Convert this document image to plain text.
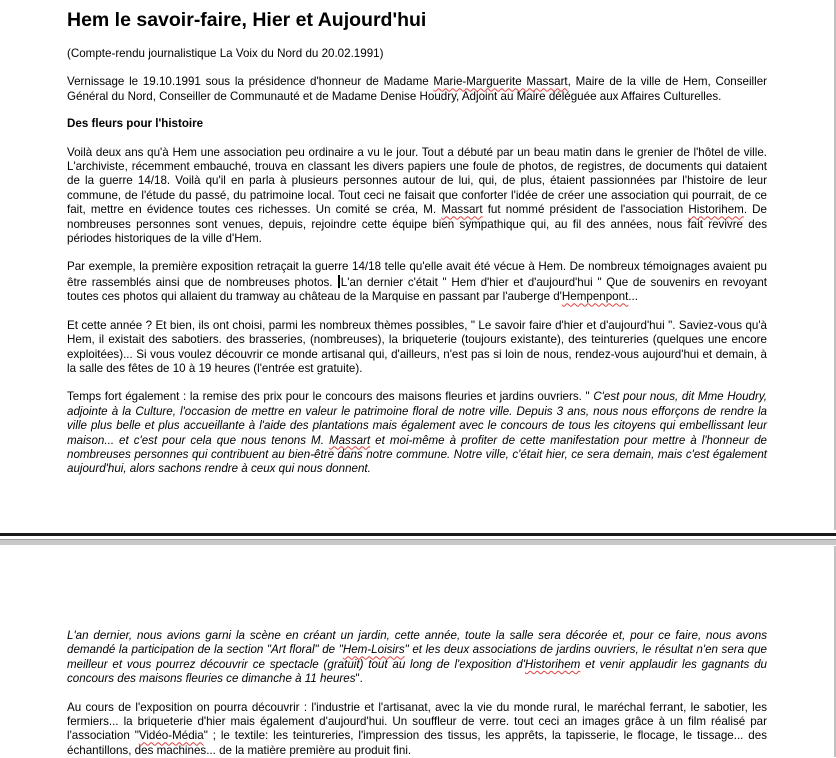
Hem le savoir-faire, Hier et Aujourd'hui

(Compte-rendu journalistique La Voix du Nord du 20.02.1991)

Vernissage le 19.10.1991 sous la présidence d'honneur de Madame Marie-Marguerite Massart, Maire de la ville de Hem, Conseiller Général du Nord, Conseiller de Communauté et de Madame Denise Houdry, Adjoint au Maire déléguée aux Affaires Culturelles.

Des fleurs pour l'histoire

Voilà deux ans qu'à Hem une association peu ordinaire a vu le jour. Tout a débuté par un beau matin dans le grenier de l'hôtel de ville. L'archiviste, récemment embauché, trouva en classant les divers papiers une foule de photos, de registres, de documents qui dataient de la guerre 14/18. Voilà qu'il en parla à plusieurs personnes autour de lui, qui, de plus, étaient passionnées par l'histoire de leur commune, de l'étude du passé, du patrimoine local. Tout ceci ne faisait que conforter l'idée de créer une association qui pourrait, de ce fait, mettre en évidence toutes ces richesses. Un comité se créa, M. Massart fut nommé président de l'association Historihem. De nombreuses personnes sont venues, depuis, rejoindre cette équipe bien sympathique qui, au fil des années, nous fait revivre des périodes historiques de la ville d'Hem.

Par exemple, la première exposition retraçait la guerre 14/18 telle qu'elle avait été vécue à Hem. De nombreux témoignages avaient pu être rassemblés ainsi que de nombreuses photos. L'an dernier c'était " Hem d'hier et d'aujourd'hui " Que de souvenirs en revoyant toutes ces photos qui allaient du tramway au château de la Marquise en passant par l'auberge d'Hempenpont...

Et cette année ? Et bien, ils ont choisi, parmi les nombreux thèmes possibles, " Le savoir faire d'hier et d'aujourd'hui ". Saviez-vous qu'à Hem, il existait des sabotiers. des brasseries, (nombreuses), la briqueterie (toujours existante), des teintureries (quelques une encore exploitées)... Si vous voulez découvrir ce monde artisanal qui, d'ailleurs, n'est pas si loin de nous, rendez-vous aujourd'hui et demain, à la salle des fêtes de 10 à 19 heures (l'entrée est gratuite).

Temps fort également : la remise des prix pour le concours des maisons fleuries et jardins ouvriers. " C'est pour nous, dit Mme Houdry, adjointe à la Culture, l'occasion de mettre en valeur le patrimoine floral de notre ville. Depuis 3 ans, nous nous efforçons de rendre la ville plus belle et plus accueillante à l'aide des plantations mais également avec le concours de tous les citoyens qui embellissant leur maison... et c'est pour cela que nous tenons M. Massart et moi-même à profiter de cette manifestation pour mettre à l'honneur de nombreuses personnes qui contribuent au bien-être dans notre commune. Notre ville, c'était hier, ce sera demain, mais c'est également aujourd'hui, alors sachons rendre à ceux qui nous donnent.

L'an dernier, nous avions garni la scène en créant un jardin, cette année, toute la salle sera décorée et, pour ce faire, nous avons demandé la participation de la section "Art floral" de "Hem-Loisirs" et les deux associations de jardins ouvriers, le résultat n'en sera que meilleur et vous pourrez découvrir ce spectacle (gratuit) tout au long de l'exposition d'Historihem et venir applaudir les gagnants du concours des maisons fleuries ce dimanche à 11 heures".

Au cours de l'exposition on pourra découvrir : l'industrie et l'artisanat, avec la vie du monde rural, le maréchal ferrant, le sabotier, les fermiers... la briqueterie d'hier mais également d'aujourd'hui. Un souffleur de verre. tout ceci an images grâce à un film réalisé par l'association "Vidéo-Média" ; le textile: les teintureries, l'impression des tissus, les apprêts, la tapisserie, le flocage, le tissage... des échantillons, des machines... de la matière première au produit fini.
